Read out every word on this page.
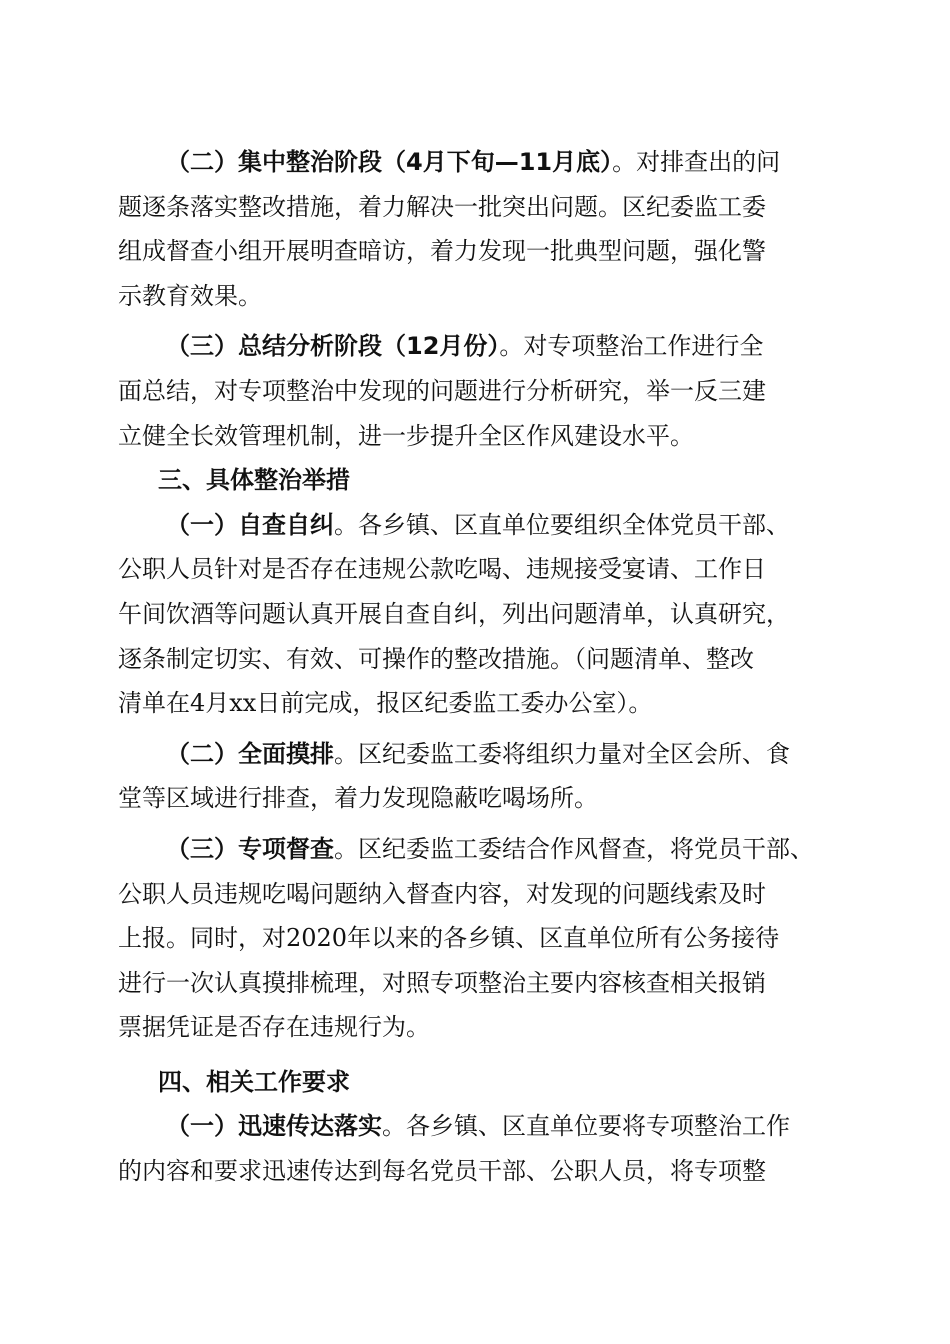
（二）集中整治阶段（4月下旬—11月底）。对排查出的问
题逐条落实整改措施，着力解决一批突出问题。区纪委监工委
组成督查小组开展明查暗访，着力发现一批典型问题，强化警
示教育效果。
（三）总结分析阶段（12月份）。对专项整治工作进行全
面总结，对专项整治中发现的问题进行分析研究，举一反三建
立健全长效管理机制，进一步提升全区作风建设水平。
三、具体整治举措
（一）自查自纠。各乡镇、区直单位要组织全体党员干部、
公职人员针对是否存在违规公款吃喝、违规接受宴请、工作日
午间饮酒等问题认真开展自查自纠，列出问题清单，认真研究，
逐条制定切实、有效、可操作的整改措施。（问题清单、整改
清单在4月xx日前完成，报区纪委监工委办公室）。
（二）全面摸排。区纪委监工委将组织力量对全区会所、食
堂等区域进行排查，着力发现隐蔽吃喝场所。
（三）专项督查。区纪委监工委结合作风督查，将党员干部、
公职人员违规吃喝问题纳入督查内容，对发现的问题线索及时
上报。同时，对2020年以来的各乡镇、区直单位所有公务接待
进行一次认真摸排梳理，对照专项整治主要内容核查相关报销
票据凭证是否存在违规行为。
四、相关工作要求
（一）迅速传达落实。各乡镇、区直单位要将专项整治工作
的内容和要求迅速传达到每名党员干部、公职人员，将专项整
